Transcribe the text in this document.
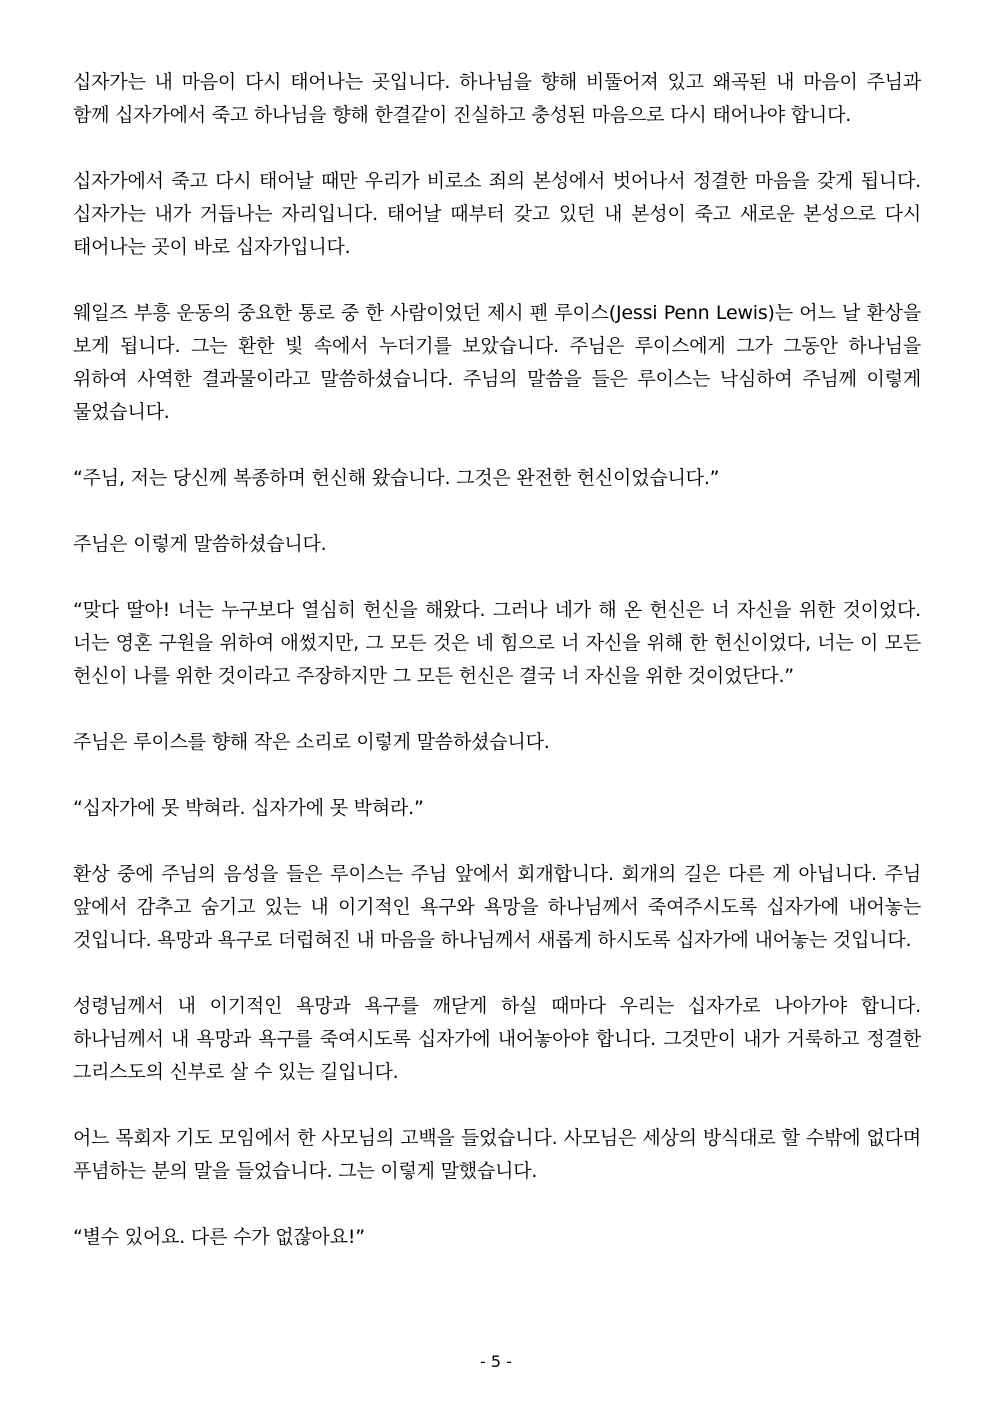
십자가는 내 마음이 다시 태어나는 곳입니다. 하나님을 향해 비뚤어져 있고 왜곡된 내 마음이 주님과 함께 십자가에서 죽고 하나님을 향해 한결같이 진실하고 충성된 마음으로 다시 태어나야 합니다.

십자가에서 죽고 다시 태어날 때만 우리가 비로소 죄의 본성에서 벗어나서 정결한 마음을 갖게 됩니다. 십자가는 내가 거듭나는 자리입니다. 태어날 때부터 갖고 있던 내 본성이 죽고 새로운 본성으로 다시 태어나는 곳이 바로 십자가입니다.

웨일즈 부흥 운동의 중요한 통로 중 한 사람이었던 제시 펜 루이스(Jessi Penn Lewis)는 어느 날 환상을 보게 됩니다. 그는 환한 빛 속에서 누더기를 보았습니다. 주님은 루이스에게 그가 그동안 하나님을 위하여 사역한 결과물이라고 말씀하셨습니다. 주님의 말씀을 들은 루이스는 낙심하여 주님께 이렇게 물었습니다.

“주님, 저는 당신께 복종하며 헌신해 왔습니다. 그것은 완전한 헌신이었습니다.”

주님은 이렇게 말씀하셨습니다.

“맞다 딸아! 너는 누구보다 열심히 헌신을 해왔다. 그러나 네가 해 온 헌신은 너 자신을 위한 것이었다. 너는 영혼 구원을 위하여 애썼지만, 그 모든 것은 네 힘으로 너 자신을 위해 한 헌신이었다, 너는 이 모든 헌신이 나를 위한 것이라고 주장하지만 그 모든 헌신은 결국 너 자신을 위한 것이었단다.”

주님은 루이스를 향해 작은 소리로 이렇게 말씀하셨습니다.

“십자가에 못 박혀라. 십자가에 못 박혀라.”

환상 중에 주님의 음성을 들은 루이스는 주님 앞에서 회개합니다. 회개의 길은 다른 게 아닙니다. 주님 앞에서 감추고 숨기고 있는 내 이기적인 욕구와 욕망을 하나님께서 죽여주시도록 십자가에 내어놓는 것입니다. 욕망과 욕구로 더럽혀진 내 마음을 하나님께서 새롭게 하시도록 십자가에 내어놓는 것입니다.

성령님께서 내 이기적인 욕망과 욕구를 깨닫게 하실 때마다 우리는 십자가로 나아가야 합니다. 하나님께서 내 욕망과 욕구를 죽여시도록 십자가에 내어놓아야 합니다. 그것만이 내가 거룩하고 정결한 그리스도의 신부로 살 수 있는 길입니다.

어느 목회자 기도 모임에서 한 사모님의 고백을 들었습니다. 사모님은 세상의 방식대로 할 수밖에 없다며 푸념하는 분의 말을 들었습니다. 그는 이렇게 말했습니다.

“별수 있어요. 다른 수가 없잖아요!”

- 5 -
